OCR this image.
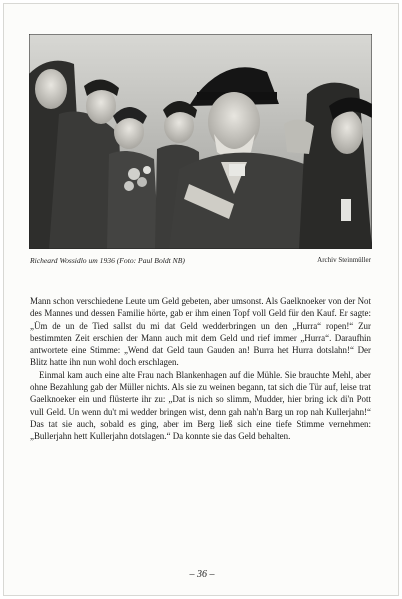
Richeard Wossidlo um 1936 (Foto: Paul Boldt NB)	Archiv Steinmüller

Mann schon verschiedene Leute um Geld gebeten, aber umsonst. Als Gaelknoeker von der Not des Mannes und dessen Familie hörte, gab er ihm einen Topf voll Geld für den Kauf. Er sagte: „Üm de un de Tied sallst du mi dat Geld wedderbringen un den „Hurra“ ropen!“ Zur bestimmten Zeit erschien der Mann auch mit dem Geld und rief immer „Hurra“. Daraufhin antwortete eine Stimme: „Wend dat Geld taun Gauden an! Burra het Hurra dotslahn!“ Der Blitz hatte ihn nun wohl doch erschlagen.

Einmal kam auch eine alte Frau nach Blankenhagen auf die Mühle. Sie brauchte Mehl, aber ohne Bezahlung gab der Müller nichts. Als sie zu weinen begann, tat sich die Tür auf, leise trat Gaelknoeker ein und flüsterte ihr zu: „Dat is nich so slimm, Mudder, hier bring ick di'n Pott vull Geld. Un wenn du't mi wedder bringen wist, denn gah nah'n Barg un rop nah Kullerjahn!“ Das tat sie auch, sobald es ging, aber im Berg ließ sich eine tiefe Stimme vernehmen: „Bullerjahn hett Kullerjahn dotslagen.“ Da konnte sie das Geld behalten.

– 36 –
